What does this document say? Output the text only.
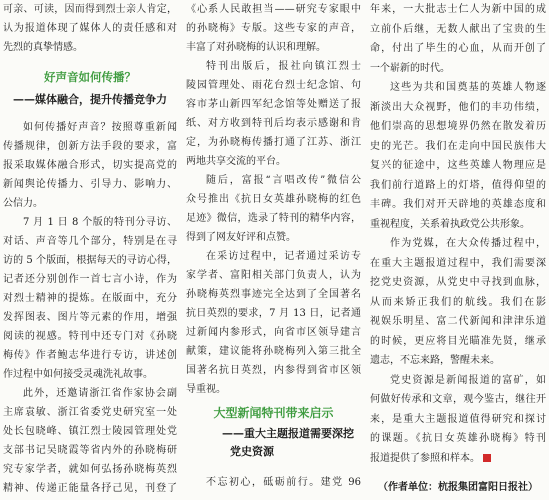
可亲、可读，因而得到烈士亲人肯定，
认为报道体现了媒体人的责任感和对
先烈的真挚情感。
好声音如何传播？
——媒体融合，提升传播竞争力
如何传播好声音？按照尊重新闻
传播规律，创新方法手段的要求，富
报采取媒体融合形式，切实提高党的
新闻舆论传播力、引导力、影响力、
公信力。
7 月 1 日 8 个版的特刊分寻访、
对话、声音等几个部分，特别是在寻
访的 5 个版面，根据每天的寻访心得，
记者还分别创作一首七言小诗，作为
对烈士精神的提炼。在版面中，充分
发挥图表、图片等元素的作用，增强
阅读的视感。特刊中还专门对《孙晓
梅传》作者鲍志华进行专访，讲述创
作过程中如何接受灵魂洗礼故事。
此外，还邀请浙江省作家协会副
主席袁敏、浙江省委党史研究室一处
处长包晓峰、镇江烈士陵园管理处党
支部书记吴晓霞等省内外的孙晓梅研
究专家学者，就如何弘扬孙晓梅英烈
精神、传递正能量各抒己见，刊登了
《心系人民敢担当——研究专家眼中
的孙晓梅》专版。这些专家的声音，
丰富了对孙晓梅的认识和理解。
特刊出版后，报社向镇江烈士
陵园管理处、雨花台烈士纪念馆、句
容市茅山新四军纪念馆等处赠送了报
纸、对方收到特刊后均表示感谢和肯
定，为孙晓梅传播打通了江苏、浙江
两地共享交流的平台。
随后，富报“言唱改传”微信公
众号推出《抗日女英雄孙晓梅的红色
足迹》微信，选录了特刊的精华内容，
得到了网友好评和点赞。
在采访过程中，记者通过采访专
家学者、富阳相关部门负责人，认为
孙晓梅英烈事迹完全达到了全国著名
抗日英烈的要求，7 月 13 日，记者通
过新闻内参形式，向省市区领导建言
献策，建议能将孙晓梅列入第三批全
国著名抗日英烈，内参得到省市区领
导重视。
大型新闻特刊带来启示
——重大主题报道需要深挖
党史资源
不忘初心，砥砺前行。建党 96
年来，一大批志士仁人为新中国的成
立前仆后继，无数人献出了宝贵的生
命，付出了毕生的心血，从而开创了
一个崭新的时代。
这些为共和国奠基的英雄人物逐
渐淡出大众视野，他们的丰功伟绩，
他们崇高的思想境界仍然在散发着历
史的光芒。我们在走向中国民族伟大
复兴的征途中，这些英雄人物理应是
我们前行道路上的灯塔，值得仰望的
丰碑。我们对开天辟地的英雄态度和
重视程度，关系着执政党公共形象。
作为党媒，在大众传播过程中，
在重大主题报道过程中，我们需要深
挖党史资源，从党史中寻找到血脉，
从而来矫正我们的航线。我们在影
视娱乐明星、富二代新闻和津津乐道
的时候，更应将目光瞄准先贤，继承
遗志，不忘来路，警醒未来。
党史资源是新闻报道的富矿，如
何做好传承和文章，观今鉴古，继往开
来，是重大主题报道值得研究和探讨
的课题。《抗日女英雄孙晓梅》特刊
报道提供了参照和样本。
（作者单位：杭报集团富阳日报社）
